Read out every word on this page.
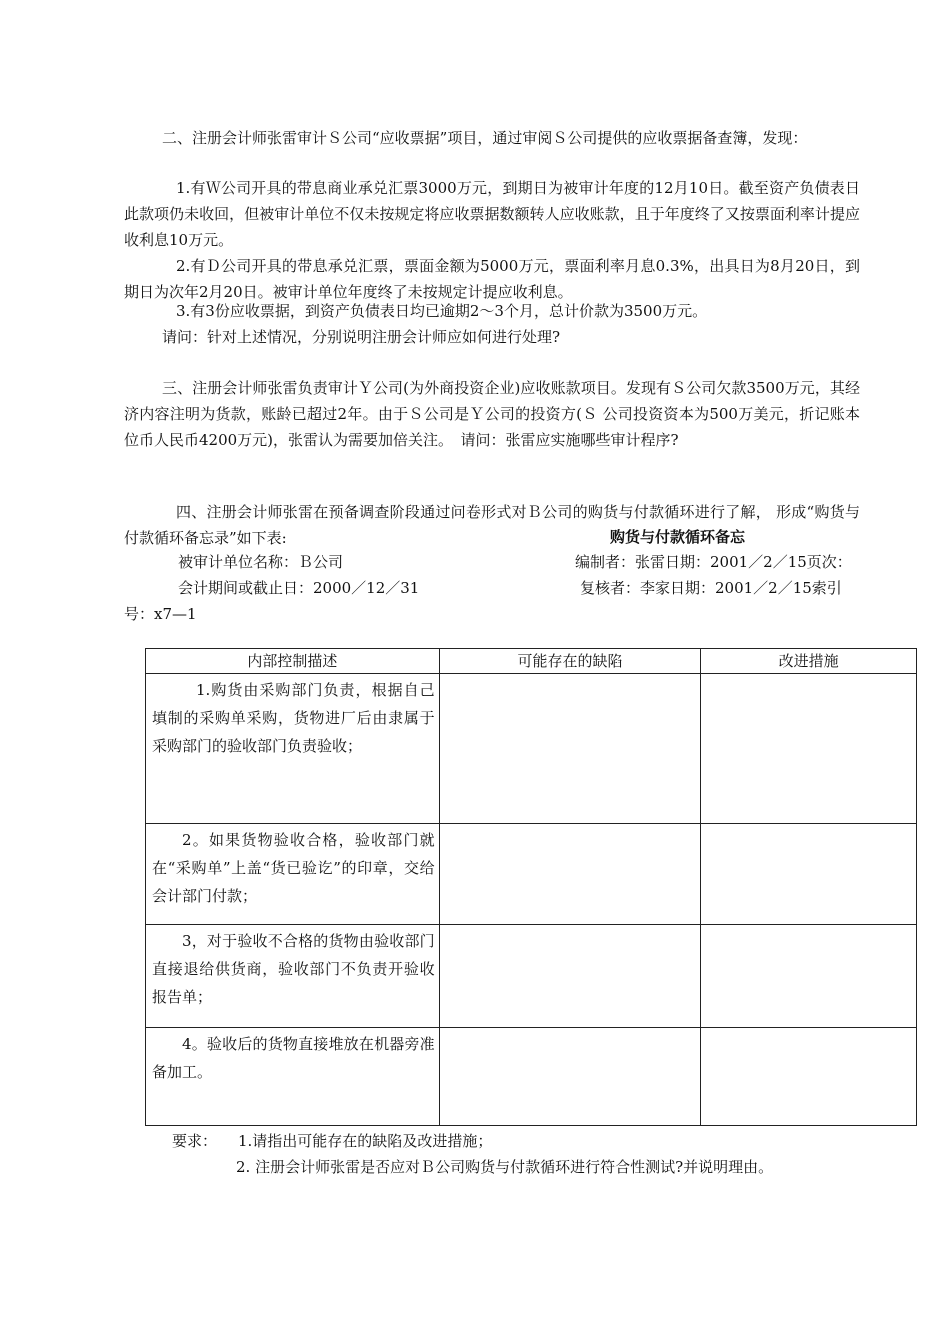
二、注册会计师张雷审计Ｓ公司“应收票据”项目，通过审阅Ｓ公司提供的应收票据备查簿，发现：

1.有Ｗ公司开具的带息商业承兑汇票3000万元，到期日为被审计年度的12月10日。截至资产负债表日此款项仍未收回，但被审计单位不仅未按规定将应收票据数额转人应收账款，且于年度终了又按票面利率计提应收利息10万元。

2.有Ｄ公司开具的带息承兑汇票，票面金额为5000万元，票面利率月息0.3%，出具日为8月20日，到期日为次年2月20日。被审计单位年度终了未按规定计提应收利息。

3.有3份应收票据，到资产负债表日均已逾期2～3个月，总计价款为3500万元。

请问：针对上述情况，分别说明注册会计师应如何进行处理?

三、注册会计师张雷负责审计Ｙ公司(为外商投资企业)应收账款项目。发现有Ｓ公司欠款3500万元，其经济内容注明为货款，账龄已超过2年。由于Ｓ公司是Ｙ公司的投资方(Ｓ 公司投资资本为500万美元，折记账本位币人民币4200万元)，张雷认为需要加倍关注。　请问：张雷应实施哪些审计程序?

四、注册会计师张雷在预备调查阶段通过问卷形式对Ｂ公司的购货与付款循环进行了解， 形成“购货与付款循环备忘录”如下表:	购货与付款循环备忘

被审计单位名称：Ｂ公司	编制者：张雷日期：2001／2／15页次：

会计期间或截止日：2000／12／31	复核者：李家日期：2001／2／15索引

号：x7—1

内部控制描述	可能存在的缺陷	改进措施

1.购货由采购部门负责，根据自己填制的采购单采购，货物进厂后由隶属于采购部门的验收部门负责验收；		

2。如果货物验收合格，验收部门就在“采购单”上盖“货已验讫”的印章，交给会计部门付款；		

3，对于验收不合格的货物由验收部门直接退给供货商，验收部门不负责开验收报告单；		

4。验收后的货物直接堆放在机器旁准备加工。		

要求： 1.请指出可能存在的缺陷及改进措施；

2. 注册会计师张雷是否应对Ｂ公司购货与付款循环进行符合性测试?并说明理由。
